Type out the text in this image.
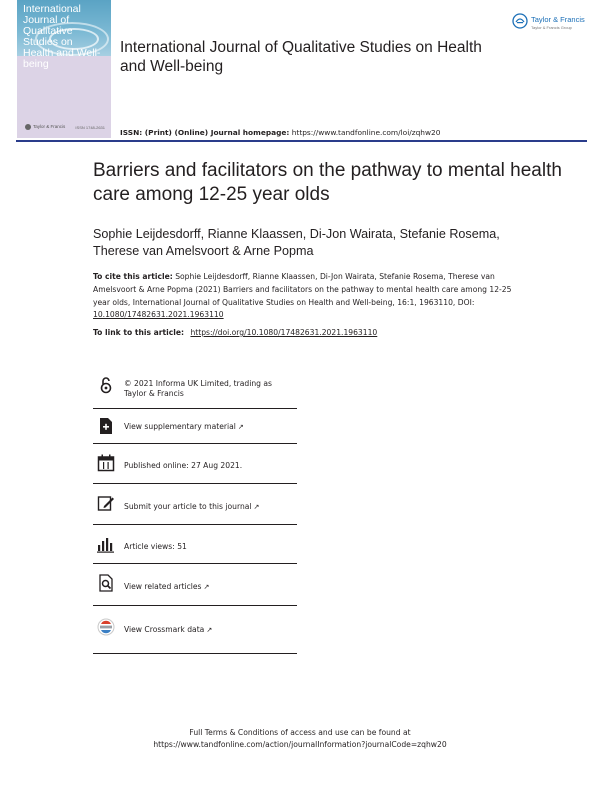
International Journal of Qualitative Studies on Health and Well-being
Taylor & Francis	ISSN 1748-2631
International Journal of Qualitative Studies on Health and Well-being
Taylor & Francis
Taylor & Francis Group
ISSN: (Print) (Online) Journal homepage: https://www.tandfonline.com/loi/zqhw20
Barriers and facilitators on the pathway to mental health care among 12-25 year olds
Sophie Leijdesdorff, Rianne Klaassen, Di-Jon Wairata, Stefanie Rosema, Therese van Amelsvoort & Arne Popma
To cite this article: Sophie Leijdesdorff, Rianne Klaassen, Di-Jon Wairata, Stefanie Rosema, Therese van Amelsvoort & Arne Popma (2021) Barriers and facilitators on the pathway to mental health care among 12-25 year olds, International Journal of Qualitative Studies on Health and Well-being, 16:1, 1963110, DOI: 10.1080/17482631.2021.1963110
To link to this article: https://doi.org/10.1080/17482631.2021.1963110
© 2021 Informa UK Limited, trading as Taylor & Francis
View supplementary material ↗
Published online: 27 Aug 2021.
Submit your article to this journal ↗
Article views: 51
View related articles ↗
View Crossmark data ↗
Full Terms & Conditions of access and use can be found at
https://www.tandfonline.com/action/journalInformation?journalCode=zqhw20
